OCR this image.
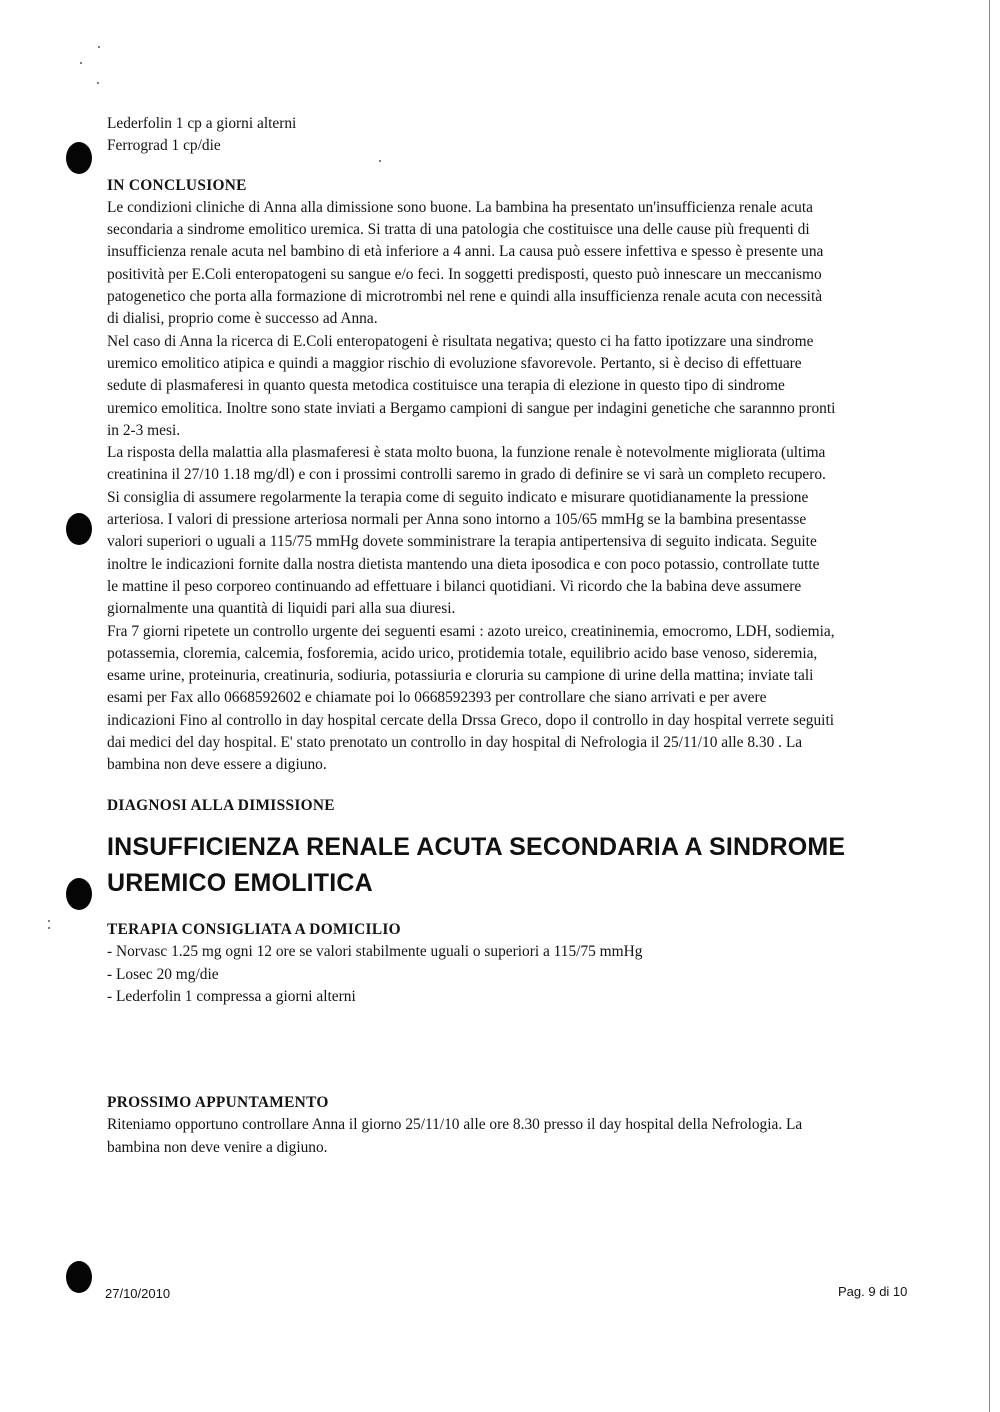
Lederfolin 1 cp a giorni alterni
Ferrograd 1 cp/die
IN CONCLUSIONE
Le condizioni cliniche di Anna alla dimissione sono buone. La bambina ha presentato un'insufficienza renale acuta
secondaria a sindrome emolitico uremica. Si tratta di una patologia che costituisce una delle cause più frequenti di
insufficienza renale acuta nel bambino di età inferiore a 4 anni. La causa può essere infettiva e spesso è presente una
positività per E.Coli enteropatogeni su sangue e/o feci. In soggetti predisposti, questo può innescare un meccanismo
patogenetico che porta alla formazione di microtrombi nel rene e quindi alla insufficienza renale acuta con necessità
di dialisi, proprio come è successo ad Anna.
Nel caso di Anna la ricerca di E.Coli enteropatogeni è risultata negativa; questo ci ha fatto ipotizzare una sindrome
uremico emolitico atipica e quindi a maggior rischio di evoluzione sfavorevole. Pertanto, si è deciso di effettuare
sedute di plasmaferesi in quanto questa metodica costituisce una terapia di elezione in questo tipo di sindrome
uremico emolitica. Inoltre sono state inviati a Bergamo campioni di sangue per indagini genetiche che sarannno pronti
in 2-3 mesi.
La risposta della malattia alla plasmaferesi è stata molto buona, la funzione renale è notevolmente migliorata (ultima
creatinina il 27/10 1.18 mg/dl) e con i prossimi controlli saremo in grado di definire se vi sarà un completo recupero.
Si consiglia di assumere regolarmente la terapia come di seguito indicato e misurare quotidianamente la pressione
arteriosa. I valori di pressione arteriosa normali per Anna sono intorno a 105/65 mmHg se la bambina presentasse
valori superiori o uguali a 115/75 mmHg dovete somministrare la terapia antipertensiva di seguito indicata. Seguite
inoltre le indicazioni fornite dalla nostra dietista mantendo una dieta iposodica e con poco potassio, controllate tutte
le mattine il peso corporeo continuando ad effettuare i bilanci quotidiani. Vi ricordo che la babina deve assumere
giornalmente una quantità di liquidi pari alla sua diuresi.
Fra 7 giorni ripetete un controllo urgente dei seguenti esami : azoto ureico, creatininemia, emocromo, LDH, sodiemia,
potassemia, cloremia, calcemia, fosforemia, acido urico, protidemia totale, equilibrio acido base venoso, sideremia,
esame urine, proteinuria, creatinuria, sodiuria, potassiuria e cloruria su campione di urine della mattina; inviate tali
esami per Fax allo 0668592602 e chiamate poi lo 0668592393 per controllare che siano arrivati e per avere
indicazioni Fino al controllo in day hospital cercate della Drssa Greco, dopo il controllo in day hospital verrete seguiti
dai medici del day hospital. E' stato prenotato un controllo in day hospital di Nefrologia il 25/11/10 alle 8.30 . La
bambina non deve essere a digiuno.
DIAGNOSI ALLA DIMISSIONE
INSUFFICIENZA RENALE ACUTA SECONDARIA A SINDROME UREMICO EMOLITICA
TERAPIA CONSIGLIATA A DOMICILIO
- Norvasc 1.25 mg ogni 12 ore se valori stabilmente uguali o superiori a 115/75 mmHg
- Losec 20 mg/die
- Lederfolin 1 compressa a giorni alterni
PROSSIMO APPUNTAMENTO
Riteniamo opportuno controllare Anna il giorno 25/11/10 alle ore 8.30 presso il day hospital della Nefrologia. La
bambina non deve venire a digiuno.
27/10/2010	Pag. 9 di 10
